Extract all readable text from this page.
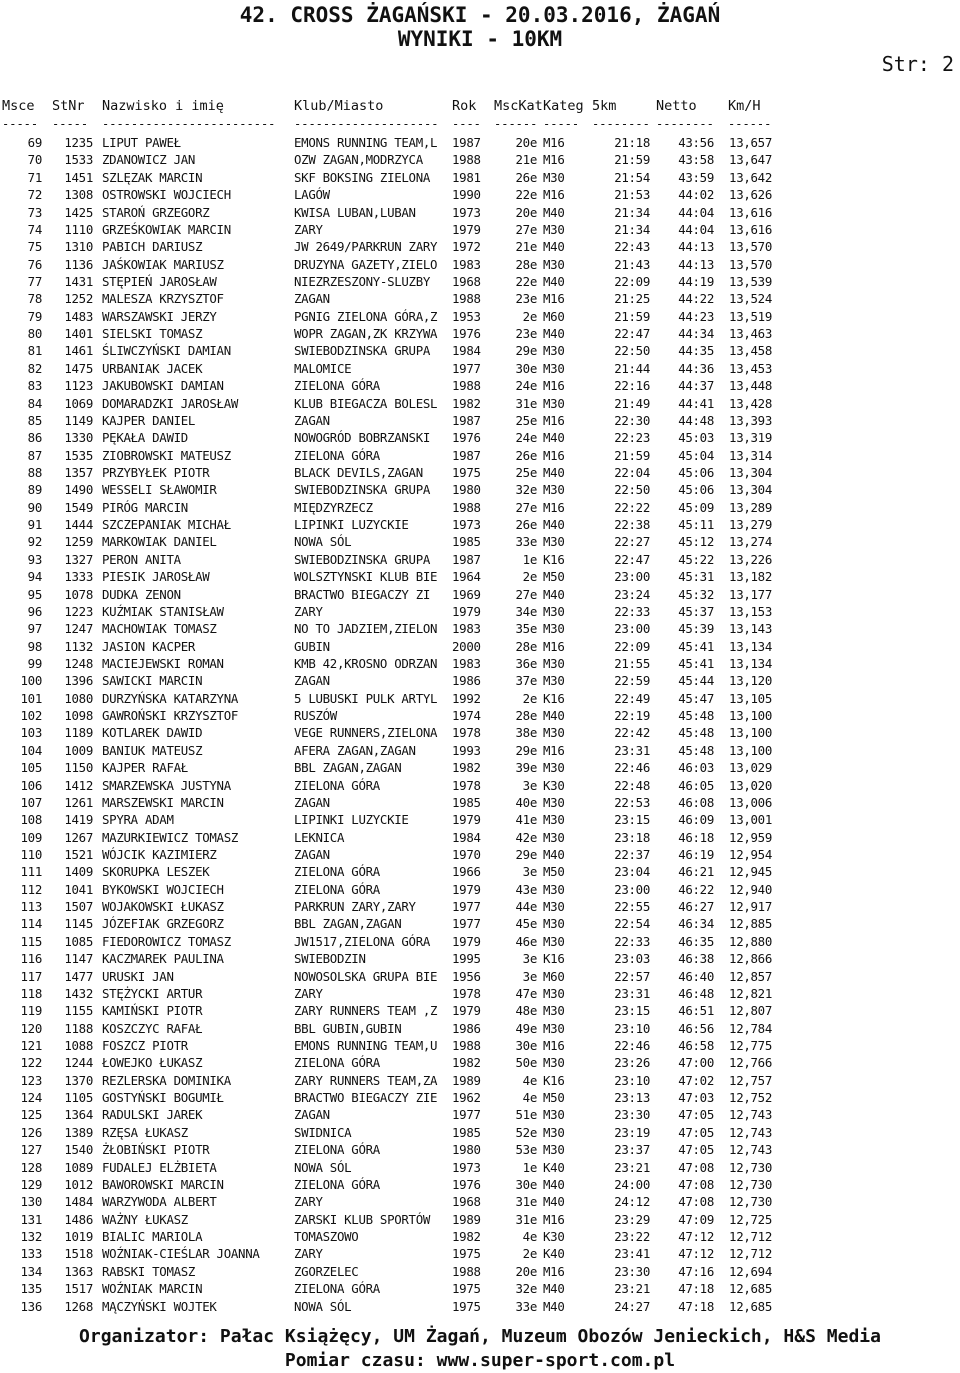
42. CROSS ŻAGAŃSKI - 20.03.2016, ŻAGAŃ
WYNIKI - 10KM
Str: 2
Msce StNr Nazwisko i imię	Klub/Miasto	Rok MscKat Kateg 5km	Netto Km/H
----- ----- ------------------------ -------------------- ---- ------ ----- -------- -------- ------
69	1235 LIPUT PAWEŁ	EMONS RUNNING TEAM,L 1987	20e M16	21:18	43:56	13,657
70	1533 ZDANOWICZ JAN	OZW ZAGAN,MODRZYCA 1988	21e M16	21:59	43:58	13,647
71	1451 SZLĘZAK MARCIN	SKF BOKSING ZIELONA 1981	26e M30	21:54	43:59	13,642
72	1308 OSTROWSKI WOJCIECH	LAGÓW	1990	22e M16	21:53	44:02	13,626
73	1425 STAROŃ GRZEGORZ	KWISA LUBAN,LUBAN	1973	20e M40	21:34	44:04	13,616
74	1110 GRZEŚKOWIAK MARCIN	ZARY	1979	27e M30	21:34	44:04	13,616
75	1310 PABICH DARIUSZ	JW 2649/PARKRUN ZARY 1972	21e M40	22:43	44:13	13,570
76	1136 JAŚKOWIAK MARIUSZ	DRUZYNA GAZETY,ZIELO 1983	28e M30	21:43	44:13	13,570
77	1431 STĘPIEŃ JAROSŁAW	NIEZRZESZONY-SLUZBY 1968	22e M40	22:09	44:19	13,539
78	1252 MALESZA KRZYSZTOF	ZAGAN	1988	23e M16	21:25	44:22	13,524
79	1483 WARSZAWSKI JERZY	PGNIG ZIELONA GÓRA,Z 1953	2e M60	21:59	44:23	13,519
80	1401 SIELSKI TOMASZ	WOPR ZAGAN,ZK KRZYWA 1976	23e M40	22:47	44:34	13,463
81	1461 ŚLIWCZYŃSKI DAMIAN	SWIEBODZINSKA GRUPA 1984	29e M30	22:50	44:35	13,458
82	1475 URBANIAK JACEK	MALOMICE	1977	30e M30	21:44	44:36	13,453
83	1123 JAKUBOWSKI DAMIAN	ZIELONA GÓRA	1988	24e M16	22:16	44:37	13,448
84	1069 DOMARADZKI JAROSŁAW	KLUB BIEGACZA BOLESL 1982	31e M30	21:49	44:41	13,428
85	1149 KAJPER DANIEL	ZAGAN	1987	25e M16	22:30	44:48	13,393
86	1330 PĘKAŁA DAWID	NOWOGRÓD BOBRZANSKI 1976	24e M40	22:23	45:03	13,319
87	1535 ZIOBROWSKI MATEUSZ	ZIELONA GÓRA	1987	26e M16	21:59	45:04	13,314
88	1357 PRZYBYŁEK PIOTR	BLACK DEVILS,ZAGAN 1975	25e M40	22:04	45:06	13,304
89	1490 WESSELI SŁAWOMIR	SWIEBODZINSKA GRUPA 1980	32e M30	22:50	45:06	13,304
90	1549 PIRÓG MARCIN	MIĘDZYRZECZ	1988	27e M16	22:22	45:09	13,289
91	1444 SZCZEPANIAK MICHAŁ	LIPINKI LUZYCKIE	1973	26e M40	22:38	45:11	13,279
92	1259 MARKOWIAK DANIEL	NOWA SÓL	1985	33e M30	22:27	45:12	13,274
93	1327 PERON ANITA	SWIEBODZINSKA GRUPA 1987	1e K16	22:47	45:22	13,226
94	1333 PIESIK JAROSŁAW	WOLSZTYNSKI KLUB BIE 1964	2e M50	23:00	45:31	13,182
95	1078 DUDKA ZENON	BRACTWO BIEGACZY ZI 1969	27e M40	23:24	45:32	13,177
96	1223 KUŹMIAK STANISŁAW	ZARY	1979	34e M30	22:33	45:37	13,153
97	1247 MACHOWIAK TOMASZ	NO TO JADZIEM,ZIELON 1983	35e M30	23:00	45:39	13,143
98	1132 JASION KACPER	GUBIN	2000	28e M16	22:09	45:41	13,134
99	1248 MACIEJEWSKI ROMAN	KMB 42,KROSNO ODRZAN 1983	36e M30	21:55	45:41	13,134
100	1396 SAWICKI MARCIN	ZAGAN	1986	37e M30	22:59	45:44	13,120
101	1080 DURZYŃSKA KATARZYNA	5 LUBUSKI PULK ARTYL 1992	2e K16	22:49	45:47	13,105
102	1098 GAWROŃSKI KRZYSZTOF	RUSZÓW	1974	28e M40	22:19	45:48	13,100
103	1189 KOTLAREK DAWID	VEGE RUNNERS,ZIELONA 1978	38e M30	22:42	45:48	13,100
104	1009 BANIUK MATEUSZ	AFERA ZAGAN,ZAGAN	1993	29e M16	23:31	45:48	13,100
105	1150 KAJPER RAFAŁ	BBL ZAGAN,ZAGAN	1982	39e M30	22:46	46:03	13,029
106	1412 SMARZEWSKA JUSTYNA	ZIELONA GÓRA	1978	3e K30	22:48	46:05	13,020
107	1261 MARSZEWSKI MARCIN	ZAGAN	1985	40e M30	22:53	46:08	13,006
108	1419 SPYRA ADAM	LIPINKI LUZYCKIE	1979	41e M30	23:15	46:09	13,001
109	1267 MAZURKIEWICZ TOMASZ	LEKNICA	1984	42e M30	23:18	46:18	12,959
110	1521 WÓJCIK KAZIMIERZ	ZAGAN	1970	29e M40	22:37	46:19	12,954
111	1409 SKORUPKA LESZEK	ZIELONA GÓRA	1966	3e M50	23:04	46:21	12,945
112	1041 BYKOWSKI WOJCIECH	ZIELONA GÓRA	1979	43e M30	23:00	46:22	12,940
113	1507 WOJAKOWSKI ŁUKASZ	PARKRUN ZARY,ZARY	1977	44e M30	22:55	46:27	12,917
114	1145 JÓZEFIAK GRZEGORZ	BBL ZAGAN,ZAGAN	1977	45e M30	22:54	46:34	12,885
115	1085 FIEDOROWICZ TOMASZ	JW1517,ZIELONA GÓRA 1979	46e M30	22:33	46:35	12,880
116	1147 KACZMAREK PAULINA	SWIEBODZIN	1995	3e K16	23:03	46:38	12,866
117	1477 URUSKI JAN	NOWOSOLSKA GRUPA BIE 1956	3e M60	22:57	46:40	12,857
118	1432 STĘŻYCKI ARTUR	ZARY	1978	47e M30	23:31	46:48	12,821
119	1155 KAMIŃSKI PIOTR	ZARY RUNNERS TEAM ,Z 1979	48e M30	23:15	46:51	12,807
120	1188 KOSZCZYC RAFAŁ	BBL GUBIN,GUBIN	1986	49e M30	23:10	46:56	12,784
121	1088 FOSZCZ PIOTR	EMONS RUNNING TEAM,U 1988	30e M16	22:46	46:58	12,775
122	1244 ŁOWEJKO ŁUKASZ	ZIELONA GÓRA	1982	50e M30	23:26	47:00	12,766
123	1370 REZLERSKA DOMINIKA	ZARY RUNNERS TEAM,ZA 1989	4e K16	23:10	47:02	12,757
124	1105 GOSTYŃSKI BOGUMIŁ	BRACTWO BIEGACZY ZIE 1962	4e M50	23:13	47:03	12,752
125	1364 RADULSKI JAREK	ZAGAN	1977	51e M30	23:30	47:05	12,743
126	1389 RZĘSA ŁUKASZ	SWIDNICA	1985	52e M30	23:19	47:05	12,743
127	1540 ŻŁOBIŃSKI PIOTR	ZIELONA GÓRA	1980	53e M30	23:37	47:05	12,743
128	1089 FUDALEJ ELŻBIETA	NOWA SÓL	1973	1e K40	23:21	47:08	12,730
129	1012 BAWOROWSKI MARCIN	ZIELONA GÓRA	1976	30e M40	24:00	47:08	12,730
130	1484 WARZYWODA ALBERT	ZARY	1968	31e M40	24:12	47:08	12,730
131	1486 WAŻNY ŁUKASZ	ZARSKI KLUB SPORTÓW 1989	31e M16	23:29	47:09	12,725
132	1019 BIALIC MARIOLA	TOMASZOWO	1982	4e K30	23:22	47:12	12,712
133	1518 WOŹNIAK-CIEŚLAR JOANNA	ZARY	1975	2e K40	23:41	47:12	12,712
134	1363 RABSKI TOMASZ	ZGORZELEC	1988	20e M16	23:30	47:16	12,694
135	1517 WOŹNIAK MARCIN	ZIELONA GÓRA	1975	32e M40	23:21	47:18	12,685
136	1268 MĄCZYŃSKI WOJTEK	NOWA SÓL	1975	33e M40	24:27	47:18	12,685
Organizator: Pałac Książęcy, UM Żagań, Muzeum Obozów Jenieckich, H&S Media
Pomiar czasu: www.super-sport.com.pl
